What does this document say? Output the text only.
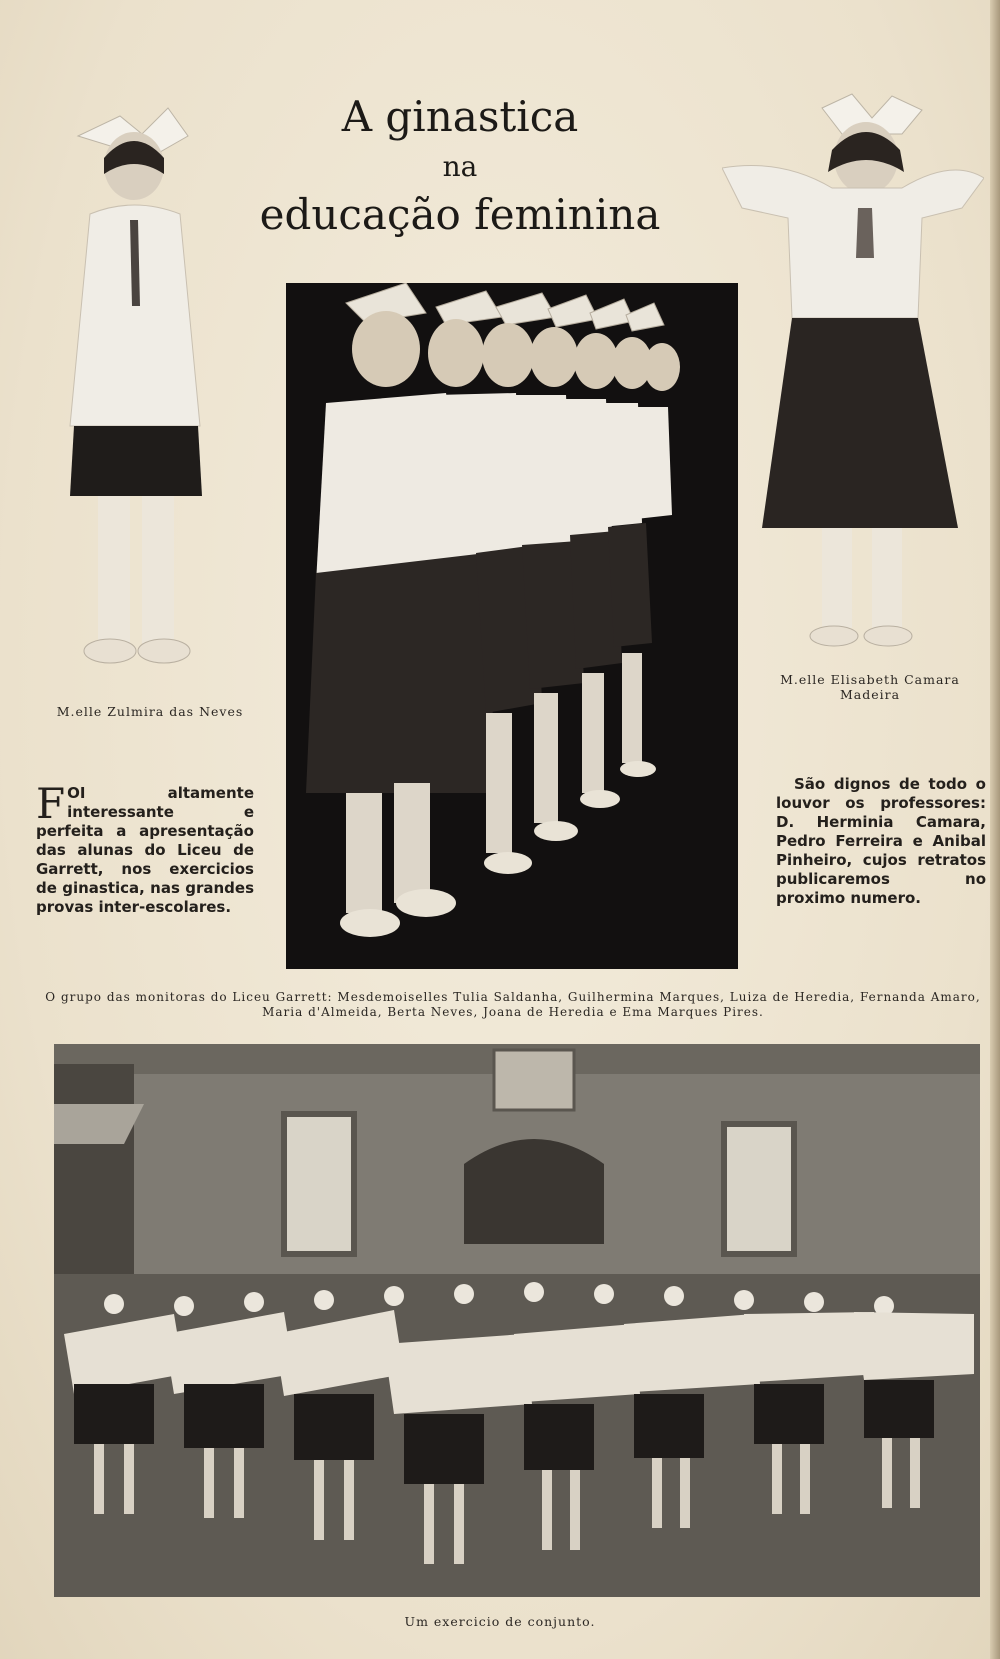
A ginastica
na
educação feminina
M.elle Zulmira das Neves
M.elle Elisabeth Camara Madeira
FOI altamente interessante e perfeita a apresentação das alunas do Liceu de Garrett, nos exercicios de ginastica, nas grandes provas inter-escolares.
São dignos de todo o louvor os professores: D. Herminia Camara, Pedro Ferreira e Anibal Pinheiro, cujos retratos publicaremos no proximo numero.
O grupo das monitoras do Liceu Garrett: Mesdemoiselles Tulia Saldanha, Guilhermina Marques, Luiza de Heredia, Fernanda Amaro, Maria d'Almeida, Berta Neves, Joana de Heredia e Ema Marques Pires.
Um exercicio de conjunto.
